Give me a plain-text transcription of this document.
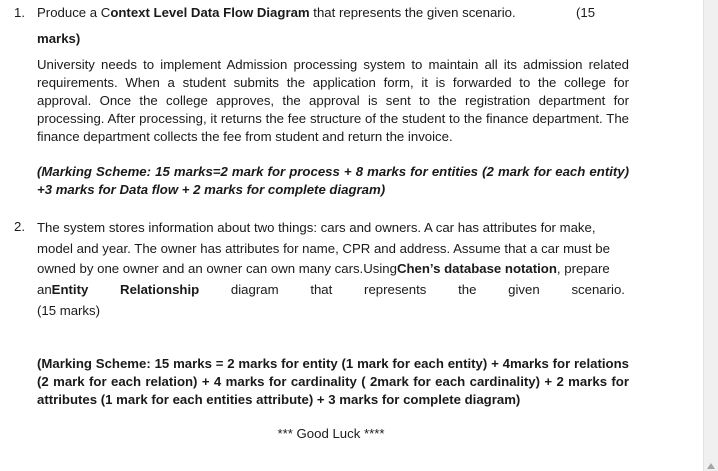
1. Produce a Context Level Data Flow Diagram that represents the given scenario.	(15
marks)
University needs to implement Admission processing system to maintain all its admission related requirements. When a student submits the application form, it is forwarded to the college for approval. Once the college approves, the approval is sent to the registration department for processing. After processing, it returns the fee structure of the student to the finance department. The finance department collects the fee from student and return the invoice.
(Marking Scheme: 15 marks=2 mark for process + 8 marks for entities (2 mark for each entity) +3 marks for Data flow + 2 marks for complete diagram)
2. The system stores information about two things: cars and owners. A car has attributes for make,
model and year. The owner has attributes for name, CPR and address. Assume that a car must be
owned by one owner and an owner can own many cars.UsingChen’s database notation, prepare
anEntity Relationship diagram that represents the given scenario.
(15 marks)
(Marking Scheme: 15 marks = 2 marks for entity (1 mark for each entity) + 4marks for relations (2 mark for each relation) + 4 marks for cardinality ( 2mark for each cardinality) + 2 marks for attributes (1 mark for each entities attribute) + 3 marks for complete diagram)
*** Good Luck ****
